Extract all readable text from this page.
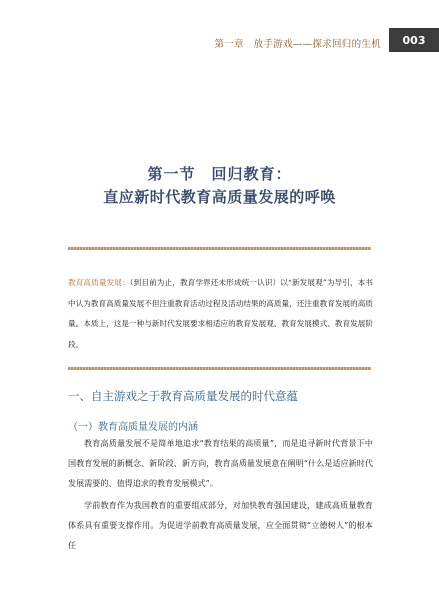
第一章　放手游戏——探求回归的生机	003
第一节　回归教育：
直应新时代教育高质量发展的呼唤
教育高质量发展：（到目前为止，教育学界还未形成统一认识）以“新发展观”为导引，本书中认为教育高质量发展不但注重教育活动过程及活动结果的高质量，还注重教育发展的高质量。本质上，这是一种与新时代发展要求相适应的教育发展观、教育发展模式、教育发展阶段。
一、自主游戏之于教育高质量发展的时代意蕴
（一）教育高质量发展的内涵
教育高质量发展不是简单地追求“教育结果的高质量”，而是追寻新时代背景下中国教育发展的新概念、新阶段、新方向，教育高质量发展意在阐明“什么是适应新时代发展需要的、值得追求的教育发展模式”。
学前教育作为我国教育的重要组成部分，对加快教育强国建设，建成高质量教育体系具有重要支撑作用。为促进学前教育高质量发展，应全面贯彻“立德树人”的根本任
